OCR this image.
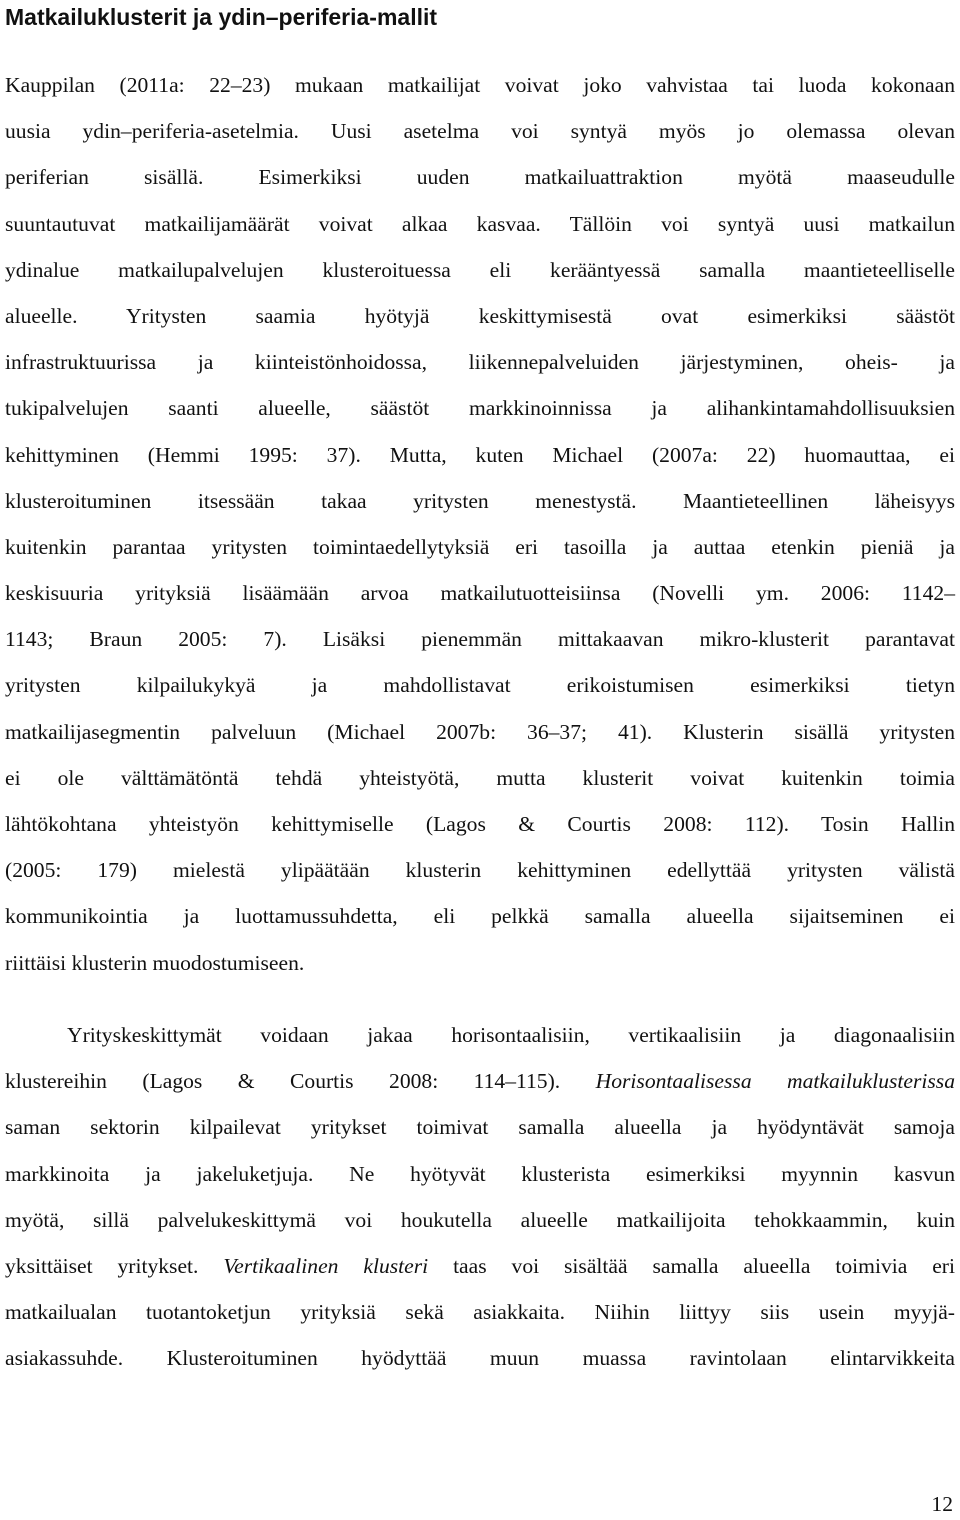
Matkailuklusterit ja ydin–periferia-mallit

Kauppilan (2011a: 22–23) mukaan matkailijat voivat joko vahvistaa tai luoda kokonaan
uusia ydin–periferia-asetelmia. Uusi asetelma voi syntyä myös jo olemassa olevan
periferian sisällä. Esimerkiksi uuden matkailuattraktion myötä maaseudulle
suuntautuvat matkailijamäärät voivat alkaa kasvaa. Tällöin voi syntyä uusi matkailun
ydinalue matkailupalvelujen klusteroituessa eli kerääntyessä samalla maantieteelliselle
alueelle. Yritysten saamia hyötyjä keskittymisestä ovat esimerkiksi säästöt
infrastruktuurissa ja kiinteistönhoidossa, liikennepalveluiden järjestyminen, oheis- ja
tukipalvelujen saanti alueelle, säästöt markkinoinnissa ja alihankintamahdollisuuksien
kehittyminen (Hemmi 1995: 37). Mutta, kuten Michael (2007a: 22) huomauttaa, ei
klusteroituminen itsessään takaa yritysten menestystä. Maantieteellinen läheisyys
kuitenkin parantaa yritysten toimintaedellytyksiä eri tasoilla ja auttaa etenkin pieniä ja
keskisuuria yrityksiä lisäämään arvoa matkailutuotteisiinsa (Novelli ym. 2006: 1142–
1143; Braun 2005: 7). Lisäksi pienemmän mittakaavan mikro-klusterit parantavat
yritysten kilpailukykyä ja mahdollistavat erikoistumisen esimerkiksi tietyn
matkailijasegmentin palveluun (Michael 2007b: 36–37; 41). Klusterin sisällä yritysten
ei ole välttämätöntä tehdä yhteistyötä, mutta klusterit voivat kuitenkin toimia
lähtökohtana yhteistyön kehittymiselle (Lagos & Courtis 2008: 112). Tosin Hallin
(2005: 179) mielestä ylipäätään klusterin kehittyminen edellyttää yritysten välistä
kommunikointia ja luottamussuhdetta, eli pelkkä samalla alueella sijaitseminen ei
riittäisi klusterin muodostumiseen.

Yrityskeskittymät voidaan jakaa horisontaalisiin, vertikaalisiin ja diagonaalisiin
klustereihin (Lagos & Courtis 2008: 114–115). Horisontaalisessa matkailuklusterissa
saman sektorin kilpailevat yritykset toimivat samalla alueella ja hyödyntävät samoja
markkinoita ja jakeluketjuja. Ne hyötyvät klusterista esimerkiksi myynnin kasvun
myötä, sillä palvelukeskittymä voi houkutella alueelle matkailijoita tehokkaammin, kuin
yksittäiset yritykset. Vertikaalinen klusteri taas voi sisältää samalla alueella toimivia eri
matkailualan tuotantoketjun yrityksiä sekä asiakkaita. Niihin liittyy siis usein myyjä-
asiakassuhde. Klusteroituminen hyödyttää muun muassa ravintolaan elintarvikkeita

12
